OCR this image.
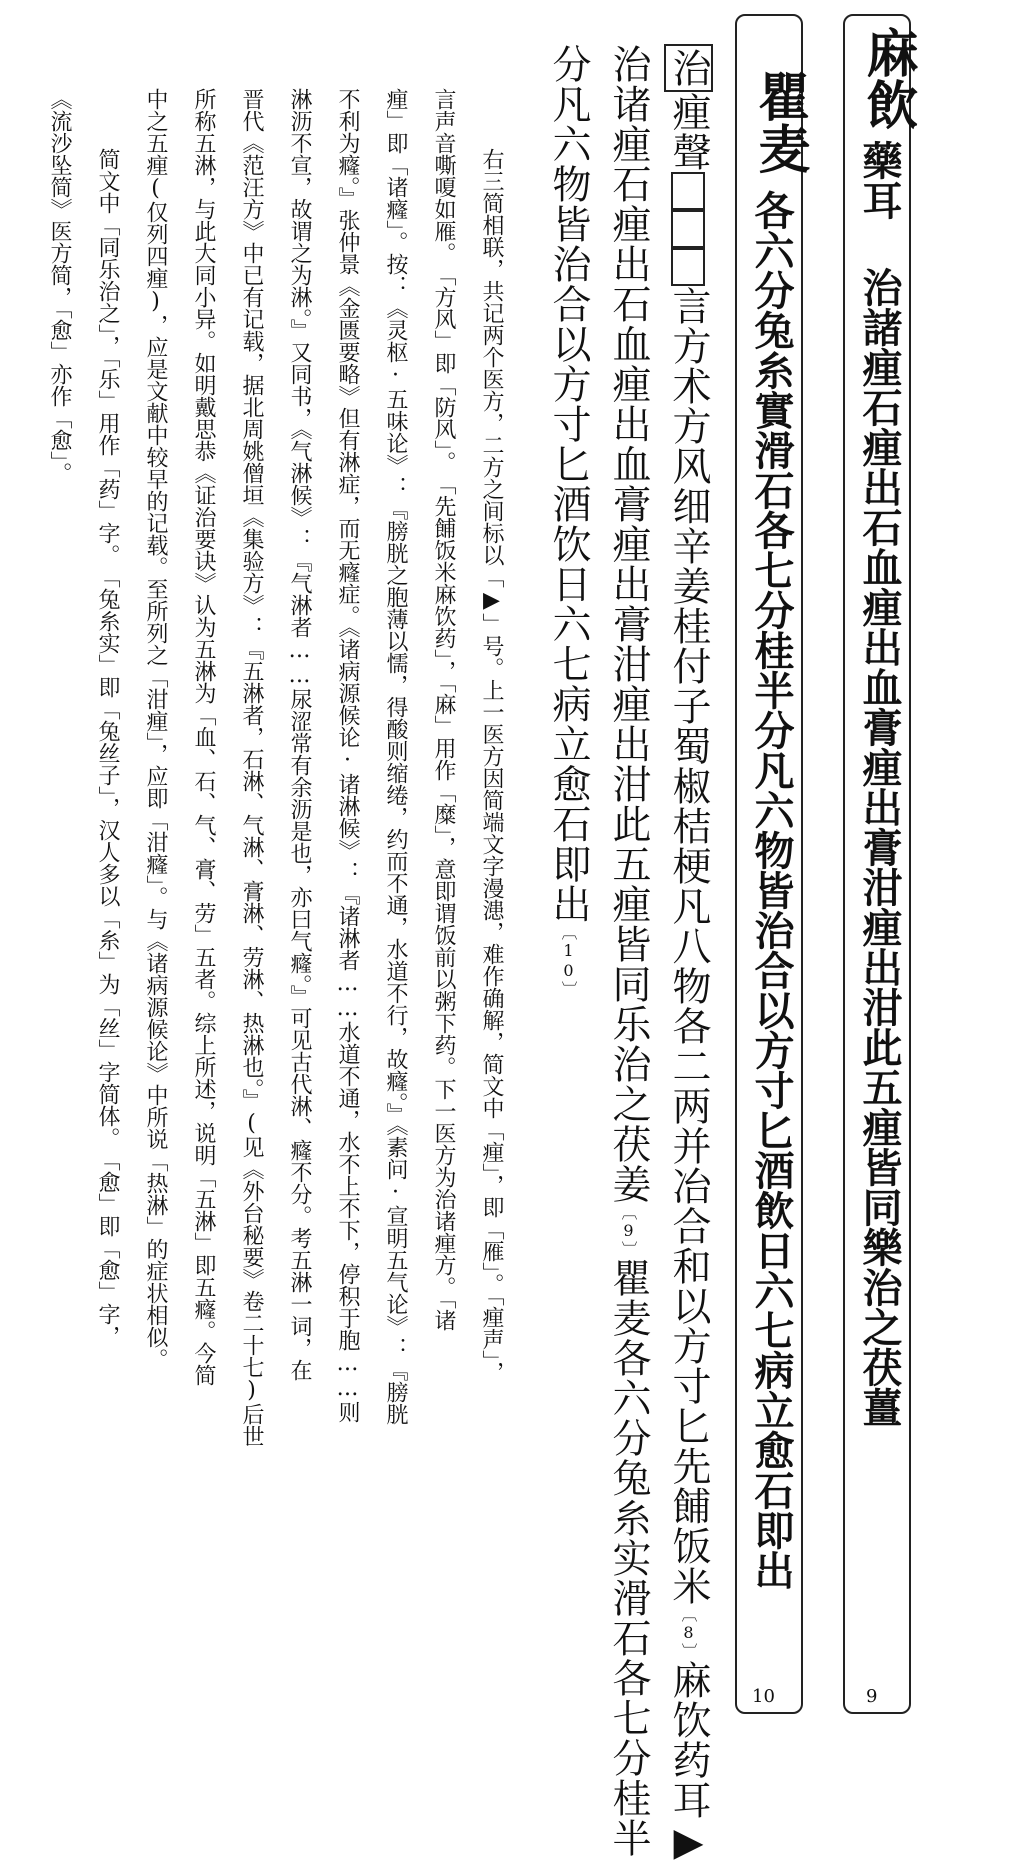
麻飲
藥耳 治諸㾖石㾖出石血㾖出血膏㾖出膏泔㾖出泔此五㾖皆同樂治之茯薑
9
瞿麦
各六分兔糸實滑石各七分桂半分凡六物皆治合以方寸匕酒飲日六七病立愈石即出
10
治㾖聲言方术方风细辛姜桂付子蜀椒桔梗凡八物各二两并冶合和以方寸匕先餔饭米〔8〕麻饮药耳▶
治诸㾖石㾖出石血㾖出血膏㾖出膏泔㾖出泔此五㾖皆同乐治之茯姜〔9〕瞿麦各六分兔糸实滑石各七分桂半
分凡六物皆治合以方寸匕酒饮日六七病立愈石即出〔10〕
右三简相联，共记两个医方，二方之间标以「▶」号。上一医方因简端文字漫漶，难作确解，简文中「㾖」，即「雁」。「㾖声」，
言声音嘶嗄如雁。　「方风」即「防风」。　「先餔饭米麻饮药」，「麻」用作「糜」，意即谓饭前以粥下药。下一医方为治诸㾖方。「诸
㾖」即「诸癃」。按：《灵枢·五味论》：『膀胱之胞薄以懦，得酸则缩绻，约而不通，水道不行，故癃。』《素问·宣明五气论》：『膀胱
不利为癃。』张仲景《金匮要略》但有淋症，而无癃症。《诸病源候论·诸淋候》：『诸淋者……水道不通，水不上不下，停积于胞……则
淋沥不宣，故谓之为淋。』又同书，《气淋候》：『气淋者……尿涩常有余沥是也，亦曰气癃。』可见古代淋、癃不分。考五淋一词，在
晋代《范汪方》中已有记载，据北周姚僧垣《集验方》：『五淋者，石淋、气淋、膏淋、劳淋、热淋也。』(见《外台秘要》卷二十七)后世
所称五淋，与此大同小异。如明戴思恭《证治要诀》认为五淋为「血、石、气、膏、劳」五者。综上所述，说明「五淋」即五癃。今简
中之五㾖(仅列四㾖)，应是文献中较早的记载。至所列之「泔㾖」，应即「泔癃」。与《诸病源候论》中所说「热淋」的症状相似。
简文中「同乐治之」，「乐」用作「药」字。　「兔糸实」即「兔丝子」，汉人多以「糸」为「丝」字简体。　「愈」即「愈」字，
《流沙坠简》医方简，「愈」亦作「愈」。
